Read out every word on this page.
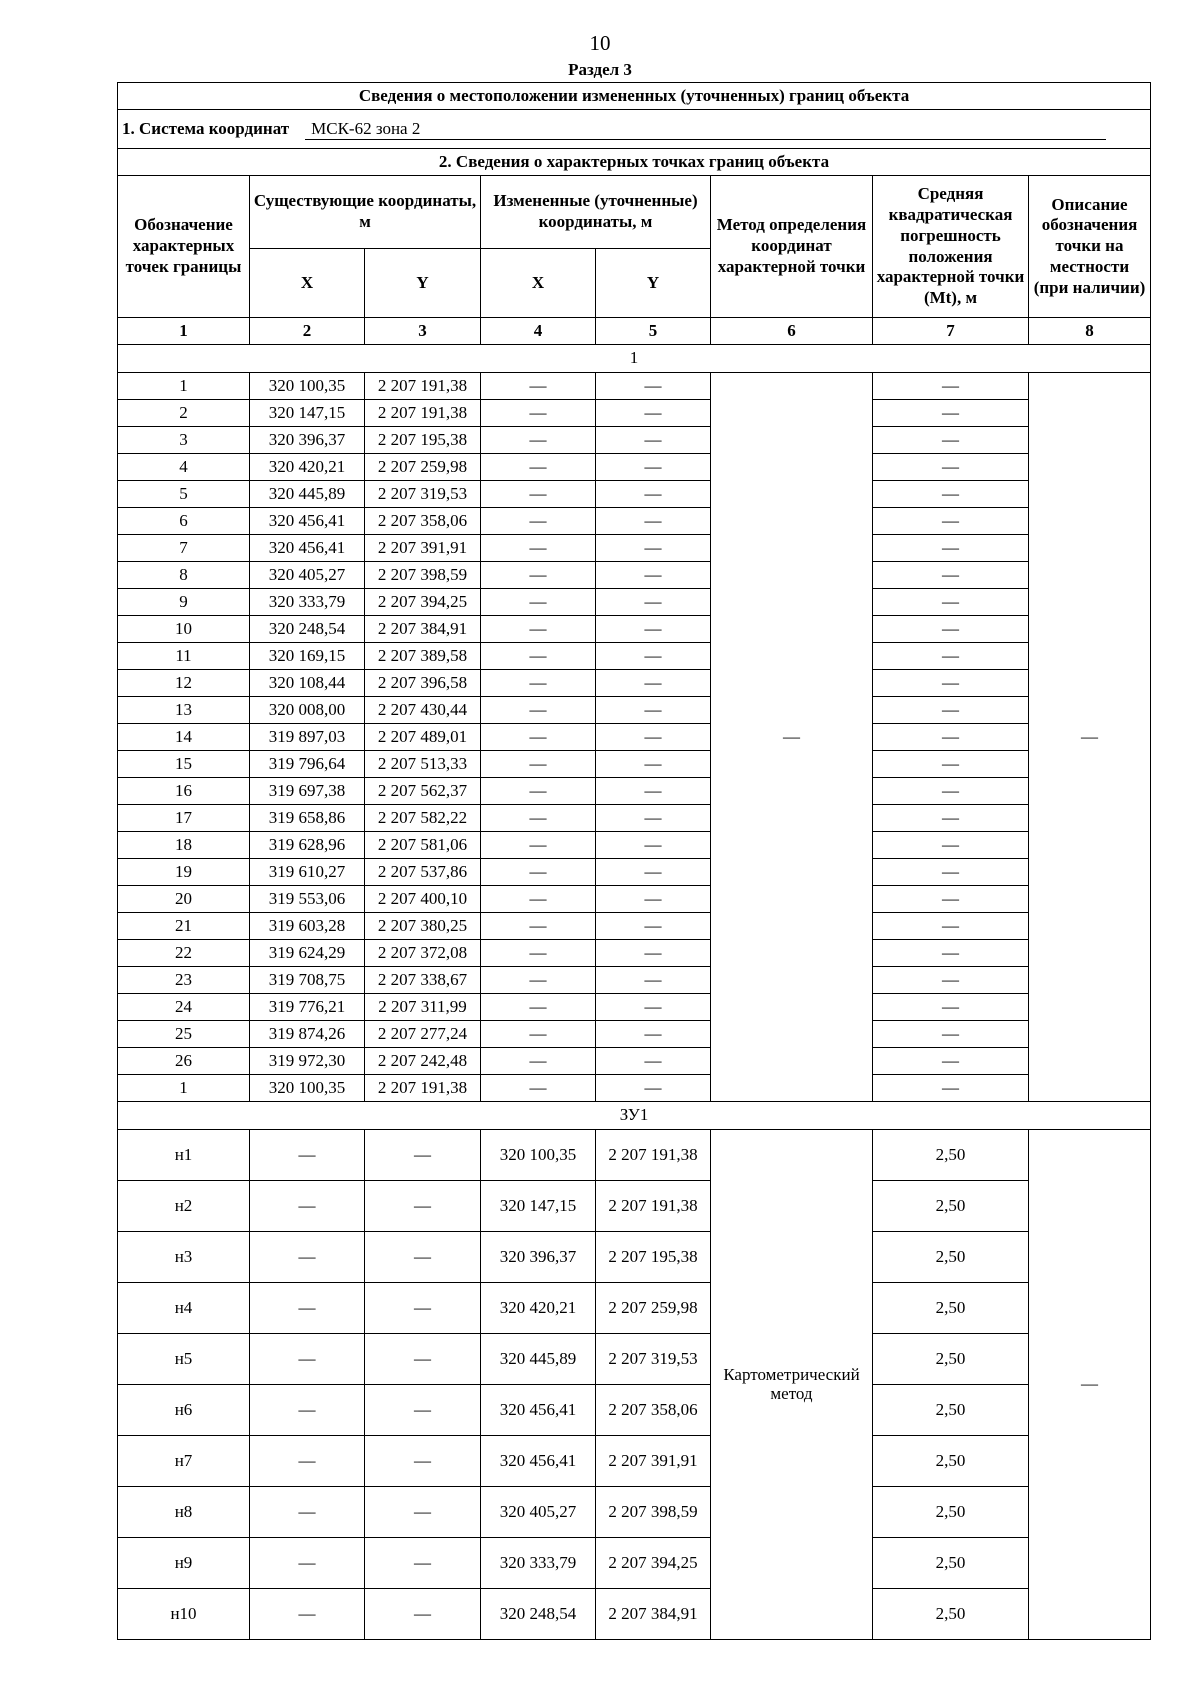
10
Раздел 3
Сведения о местоположении измененных (уточненных) границ объекта							
1. Система координат МСК-62 зона 2							
2. Сведения о характерных точках границ объекта							
Обозначение характерных точек границы	Существующие координаты, м		Измененные (уточненные) координаты, м		Метод определения координат характерной точки	Средняя квадратическая погрешность положения характерной точки (Mt), м	Описание обозначения точки на местности (при наличии)
	X	Y	X	Y			
1	2	3	4	5	6	7	8
1							
1	320 100,35	2 207 191,38	—	—	—	—	—
2	320 147,15	2 207 191,38	—	—		—	
3	320 396,37	2 207 195,38	—	—		—	
4	320 420,21	2 207 259,98	—	—		—	
5	320 445,89	2 207 319,53	—	—		—	
6	320 456,41	2 207 358,06	—	—		—	
7	320 456,41	2 207 391,91	—	—		—	
8	320 405,27	2 207 398,59	—	—		—	
9	320 333,79	2 207 394,25	—	—		—	
10	320 248,54	2 207 384,91	—	—		—	
11	320 169,15	2 207 389,58	—	—		—	
12	320 108,44	2 207 396,58	—	—		—	
13	320 008,00	2 207 430,44	—	—		—	
14	319 897,03	2 207 489,01	—	—		—	
15	319 796,64	2 207 513,33	—	—		—	
16	319 697,38	2 207 562,37	—	—		—	
17	319 658,86	2 207 582,22	—	—		—	
18	319 628,96	2 207 581,06	—	—		—	
19	319 610,27	2 207 537,86	—	—		—	
20	319 553,06	2 207 400,10	—	—		—	
21	319 603,28	2 207 380,25	—	—		—	
22	319 624,29	2 207 372,08	—	—		—	
23	319 708,75	2 207 338,67	—	—		—	
24	319 776,21	2 207 311,99	—	—		—	
25	319 874,26	2 207 277,24	—	—		—	
26	319 972,30	2 207 242,48	—	—		—	
1	320 100,35	2 207 191,38	—	—		—	
ЗУ1							
н1	—	—	320 100,35	2 207 191,38	Картометрический метод	2,50	—
н2	—	—	320 147,15	2 207 191,38		2,50	
н3	—	—	320 396,37	2 207 195,38		2,50	
н4	—	—	320 420,21	2 207 259,98		2,50	
н5	—	—	320 445,89	2 207 319,53		2,50	
н6	—	—	320 456,41	2 207 358,06		2,50	
н7	—	—	320 456,41	2 207 391,91		2,50	
н8	—	—	320 405,27	2 207 398,59		2,50	
н9	—	—	320 333,79	2 207 394,25		2,50	
н10	—	—	320 248,54	2 207 384,91		2,50	
